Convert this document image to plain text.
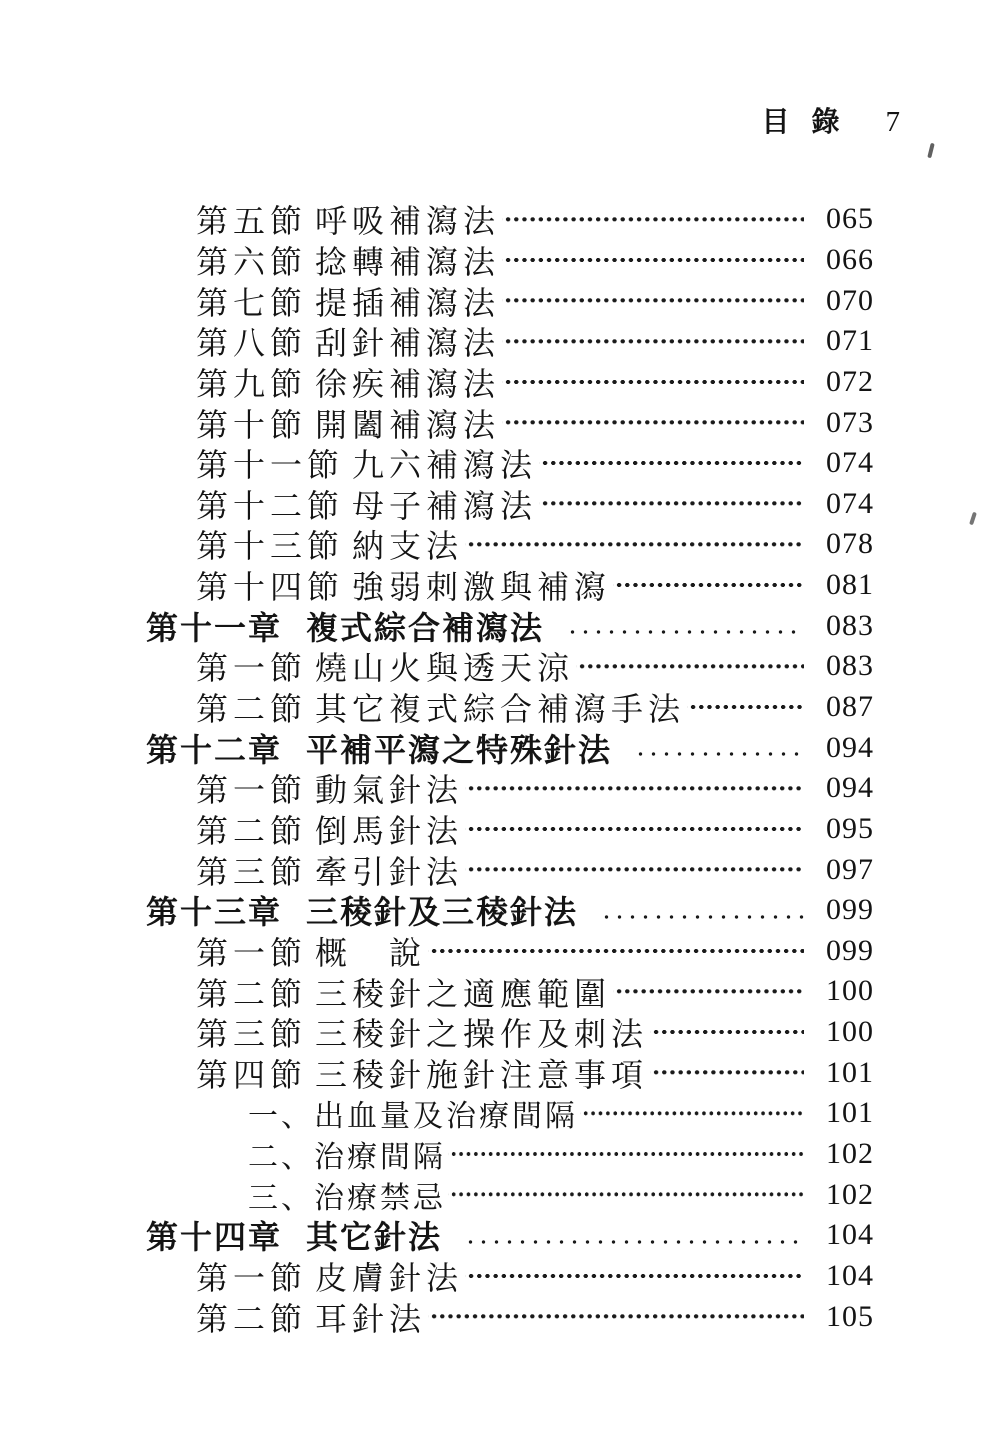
目錄 7
第五節 呼吸補瀉法	065
第六節 捻轉補瀉法	066
第七節 提插補瀉法	070
第八節 刮針補瀉法	071
第九節 徐疾補瀉法	072
第十節 開闔補瀉法	073
第十一節 九六補瀉法	074
第十二節 母子補瀉法	074
第十三節 納支法	078
第十四節 強弱刺激與補瀉	081
第十一章 複式綜合補瀉法	083
第一節 燒山火與透天涼	083
第二節 其它複式綜合補瀉手法	087
第十二章 平補平瀉之特殊針法	094
第一節 動氣針法	094
第二節 倒馬針法	095
第三節 牽引針法	097
第十三章 三稜針及三稜針法	099
第一節 概　說	099
第二節 三稜針之適應範圍	100
第三節 三稜針之操作及刺法	100
第四節 三稜針施針注意事項	101
一、 出血量及治療間隔	101
二、 治療間隔	102
三、 治療禁忌	102
第十四章 其它針法	104
第一節 皮膚針法	104
第二節 耳針法	105
